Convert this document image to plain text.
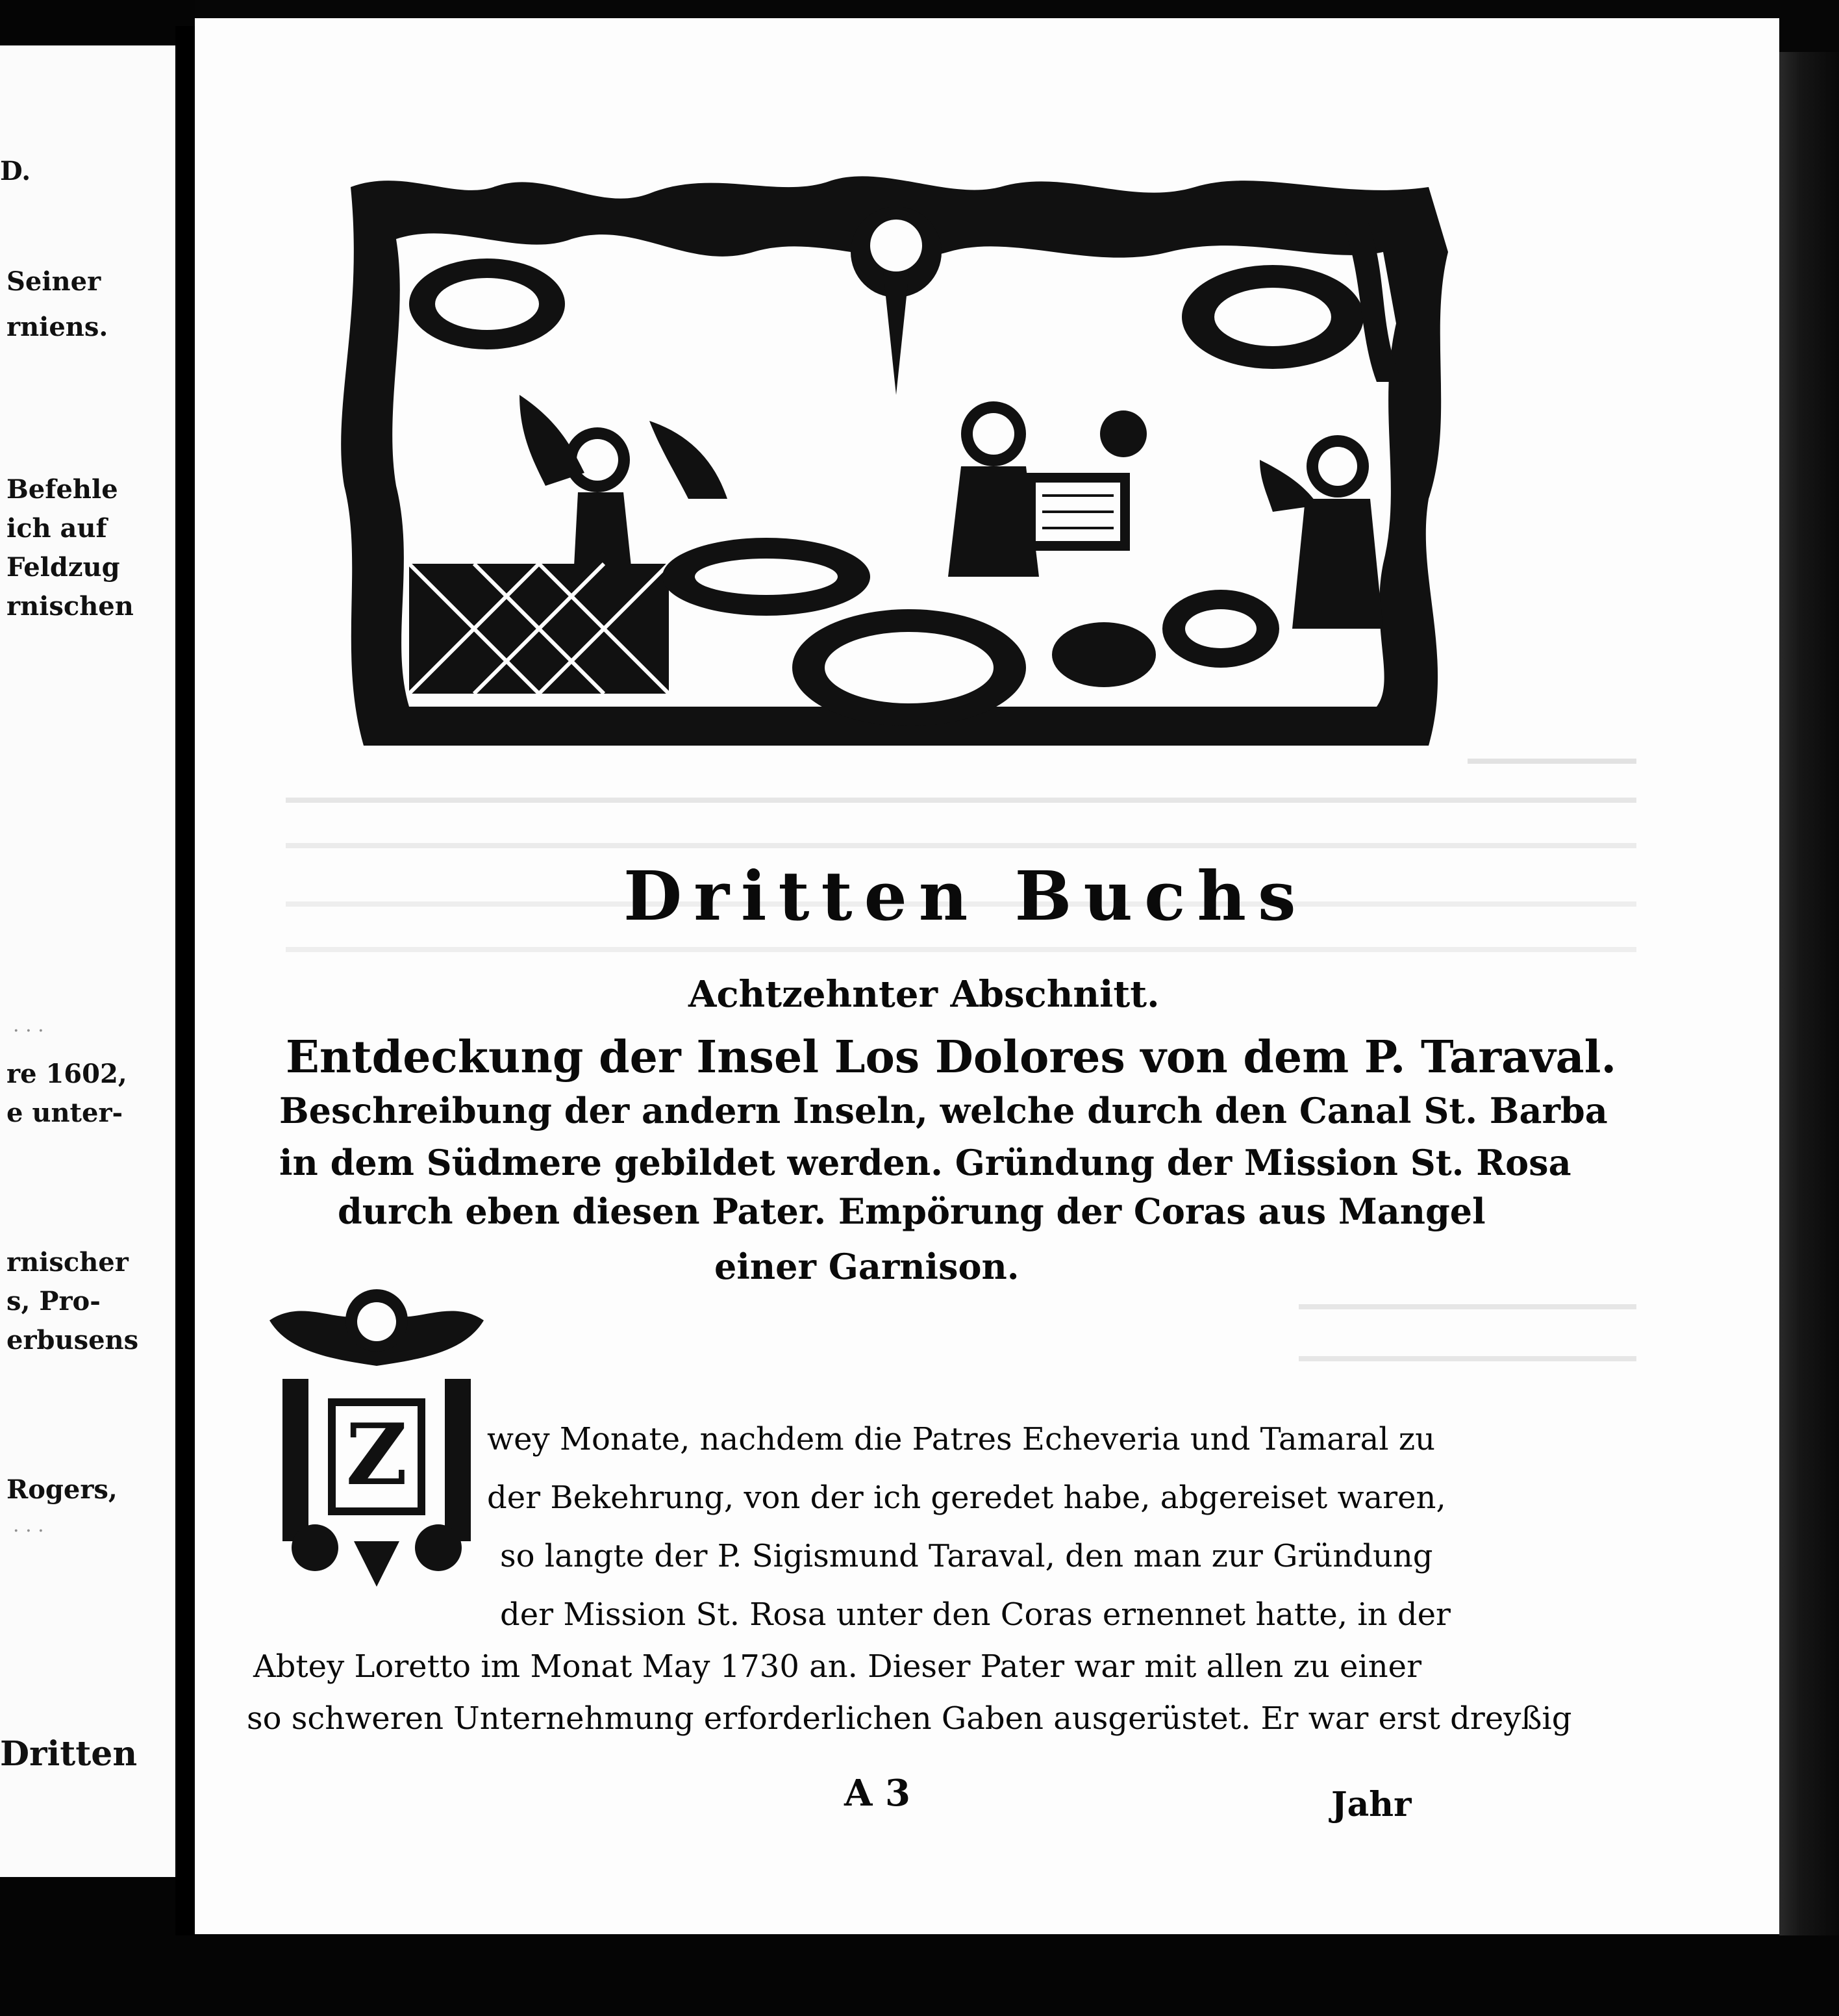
D.
Seiner
rniens.
Befehle
ich auf
Feldzug
rnischen
re 1602,
e unter-
rnischer
s, Pro-
erbusens
Rogers,
Dritten
· · ·
· · ·
Dritten Buchs
Achtzehnter Abschnitt.
Entdeckung der Insel Los Dolores von dem P. Taraval.
Beschreibung der andern Inseln, welche durch den Canal St. Barba
in dem Südmere gebildet werden. Gründung der Mission St. Rosa
durch eben diesen Pater. Empörung der Coras aus Mangel
einer Garnison.
Z	wey Monate, nachdem die Patres Echeveria und Tamaral zu
der Bekehrung, von der ich geredet habe, abgereiset waren,
so langte der P. Sigismund Taraval, den man zur Gründung
der Mission St. Rosa unter den Coras ernennet hatte, in der
Abtey Loretto im Monat May 1730 an. Dieser Pater war mit allen zu einer
so schweren Unternehmung erforderlichen Gaben ausgerüstet. Er war erst dreyßig
A 3	Jahr
